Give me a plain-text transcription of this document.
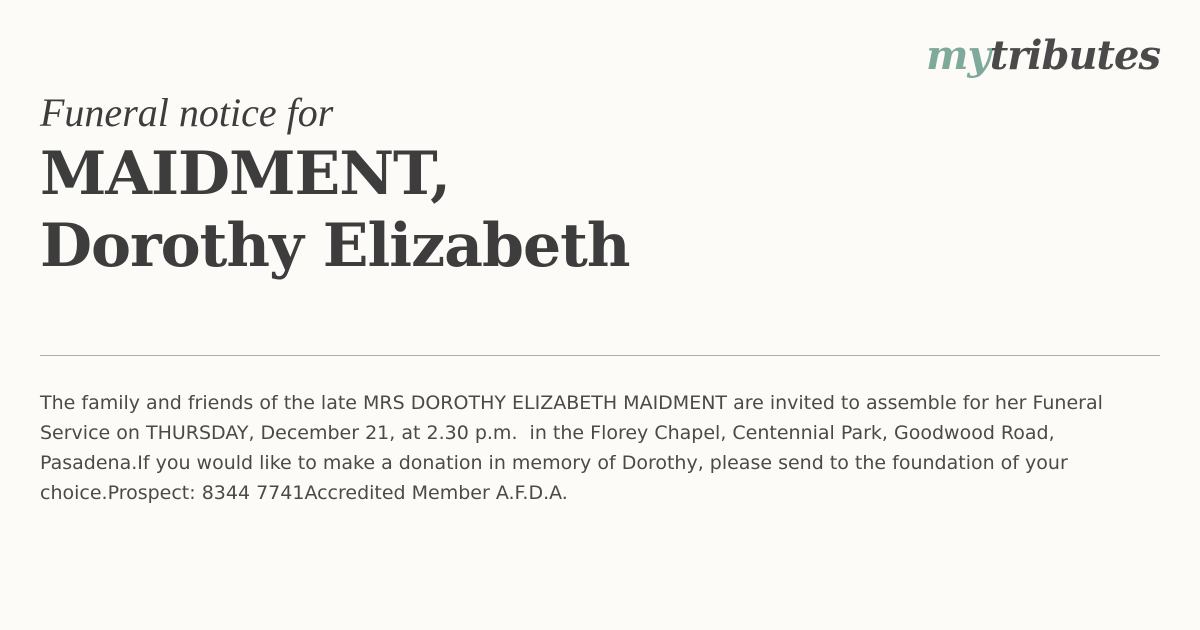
mytributes
Funeral notice for
MAIDMENT,
Dorothy Elizabeth

The family and friends of the late MRS DOROTHY ELIZABETH MAIDMENT are invited to assemble for her Funeral Service on THURSDAY, December 21, at 2.30 p.m.  in the Florey Chapel, Centennial Park, Goodwood Road, Pasadena.If you would like to make a donation in memory of Dorothy, please send to the foundation of your choice.Prospect: 8344 7741Accredited Member A.F.D.A.
